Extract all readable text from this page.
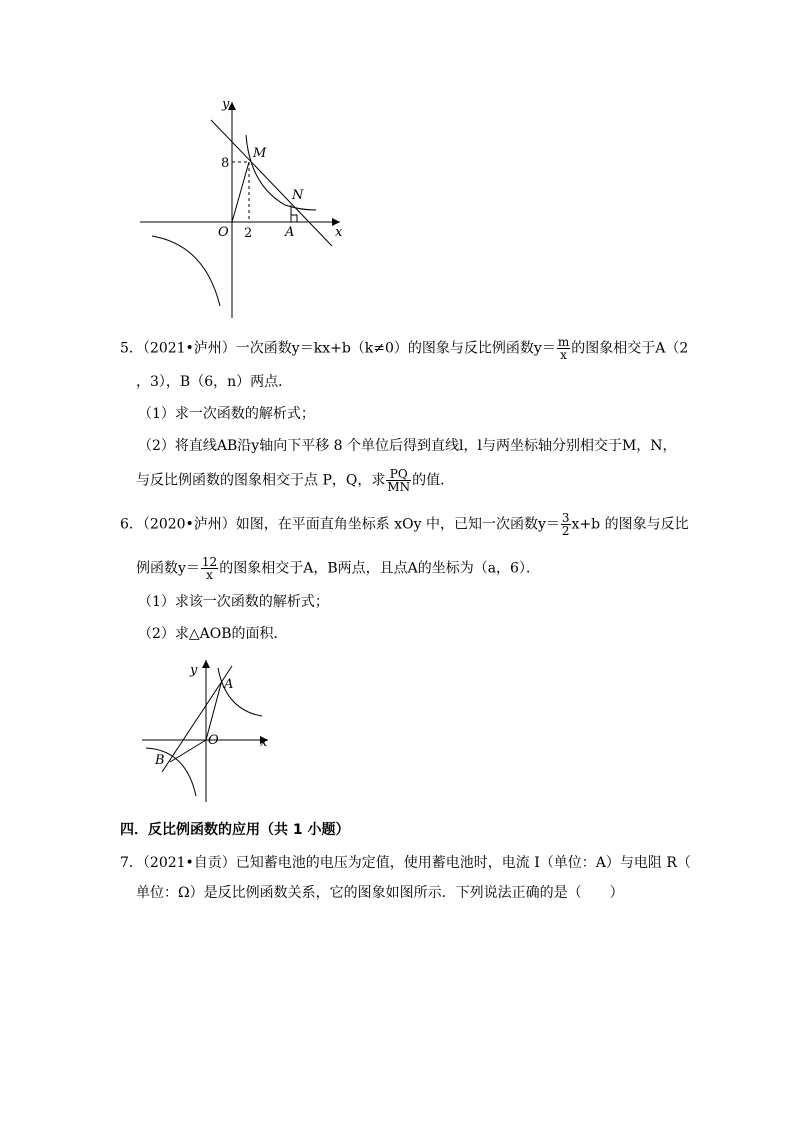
y
x
O
M
N
A
2
8
5．（2021•泸州）一次函数y＝kx+b（k≠0）的图象与反比例函数$y= \frac{m}{x}$ 的图象相交于A（2
，3），B（6，n）两点．
（1）求一次函数的解析式；
（2）将直线AB沿y轴向下平移 8 个单位后得到直线l，l与两坐标轴分别相交于M，N，
与反比例函数的图象相交于点 P，Q，求 $\frac{PQ}{MN}$ 的值．
6．（2020•泸州）如图，在平面直角坐标系 xOy 中，已知一次函数$y= \frac{3}{2} x+b$ 的图象与反比
例函数$y= \frac{12}{x}$ 的图象相交于A，B两点，且点A的坐标为（a，6）．
（1）求该一次函数的解析式；
（2）求△AOB的面积．
y
x
O
A
B
四．反比例函数的应用（共 1 小题）
7．（2021•自贡）已知蓄电池的电压为定值，使用蓄电池时，电流 I（单位：A）与电阻 R（
单位：Ω）是反比例函数关系，它的图象如图所示．下列说法正确的是（　　）
